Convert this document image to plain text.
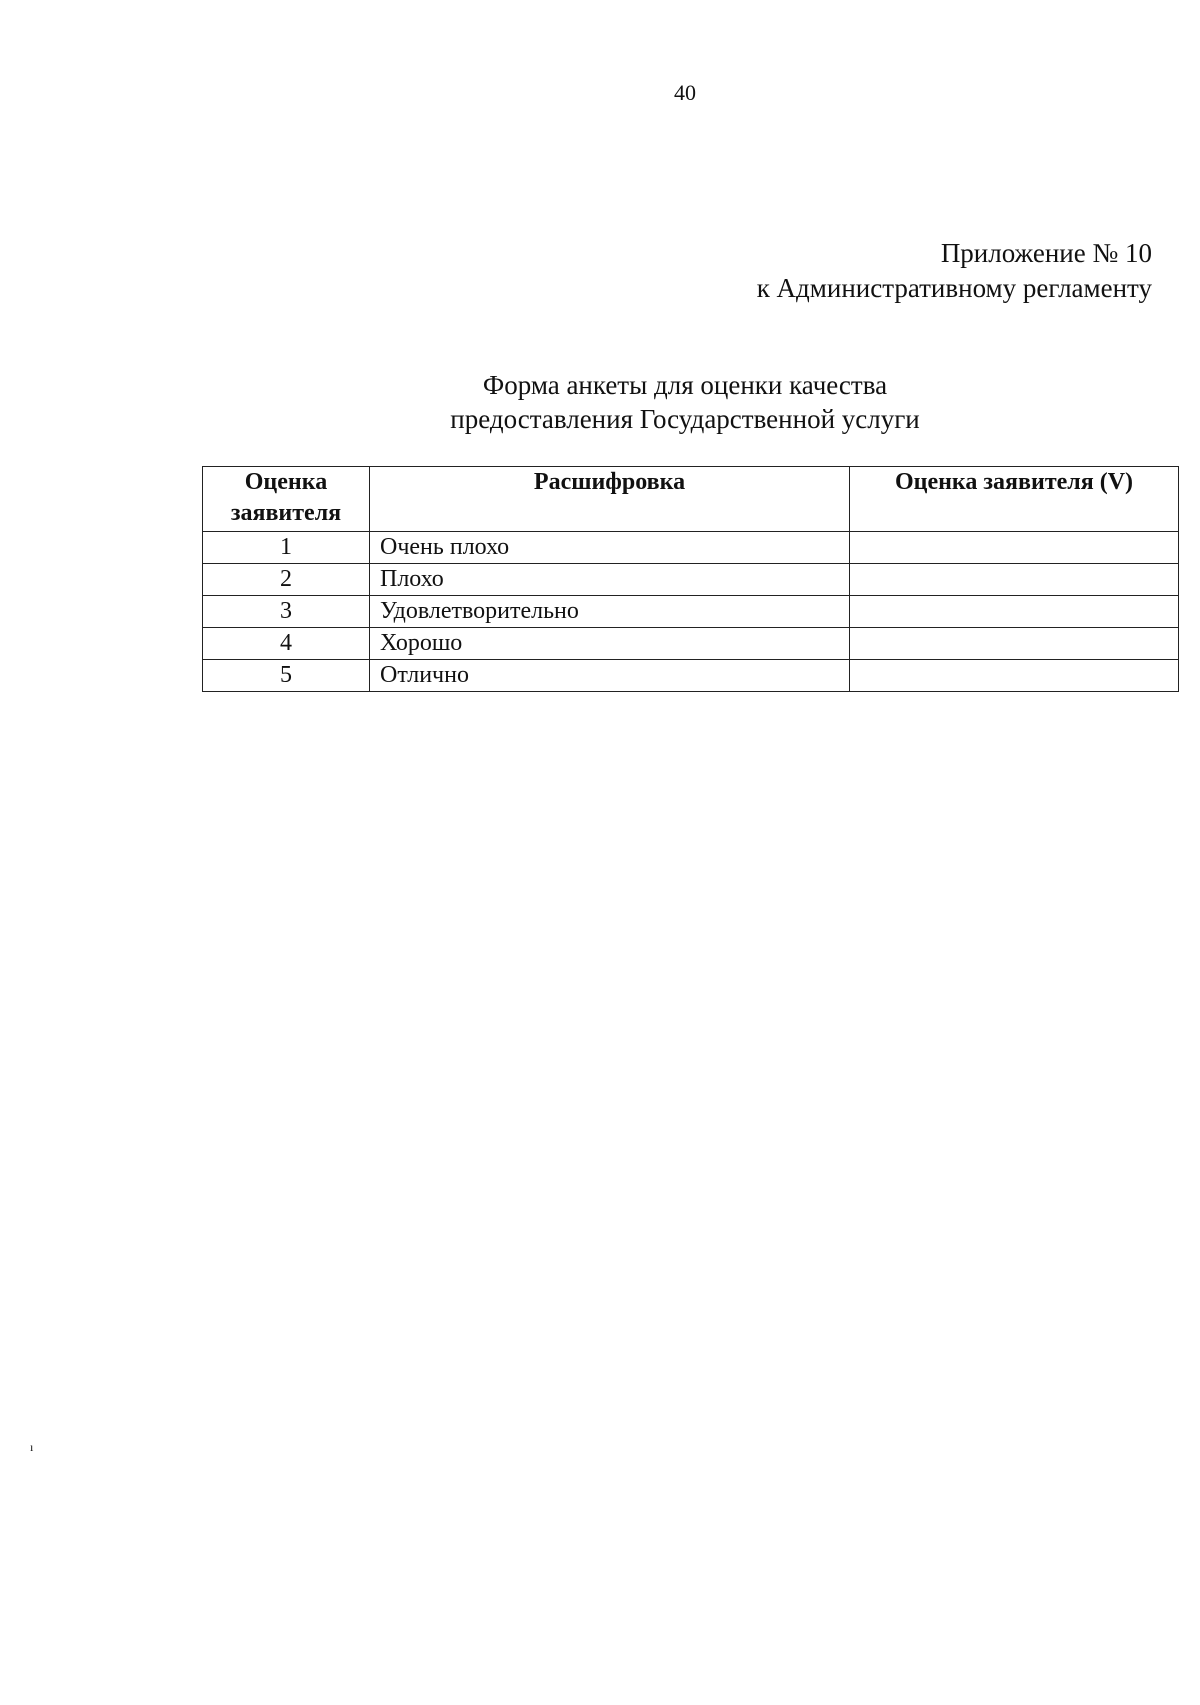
40
Приложение № 10
к Административному регламенту
Форма анкеты для оценки качества
предоставления Государственной услуги
Оценка заявителя	Расшифровка	Оценка заявителя (V)
1	Очень плохо	
2	Плохо	
3	Удовлетворительно	
4	Хорошо	
5	Отлично	
ı
